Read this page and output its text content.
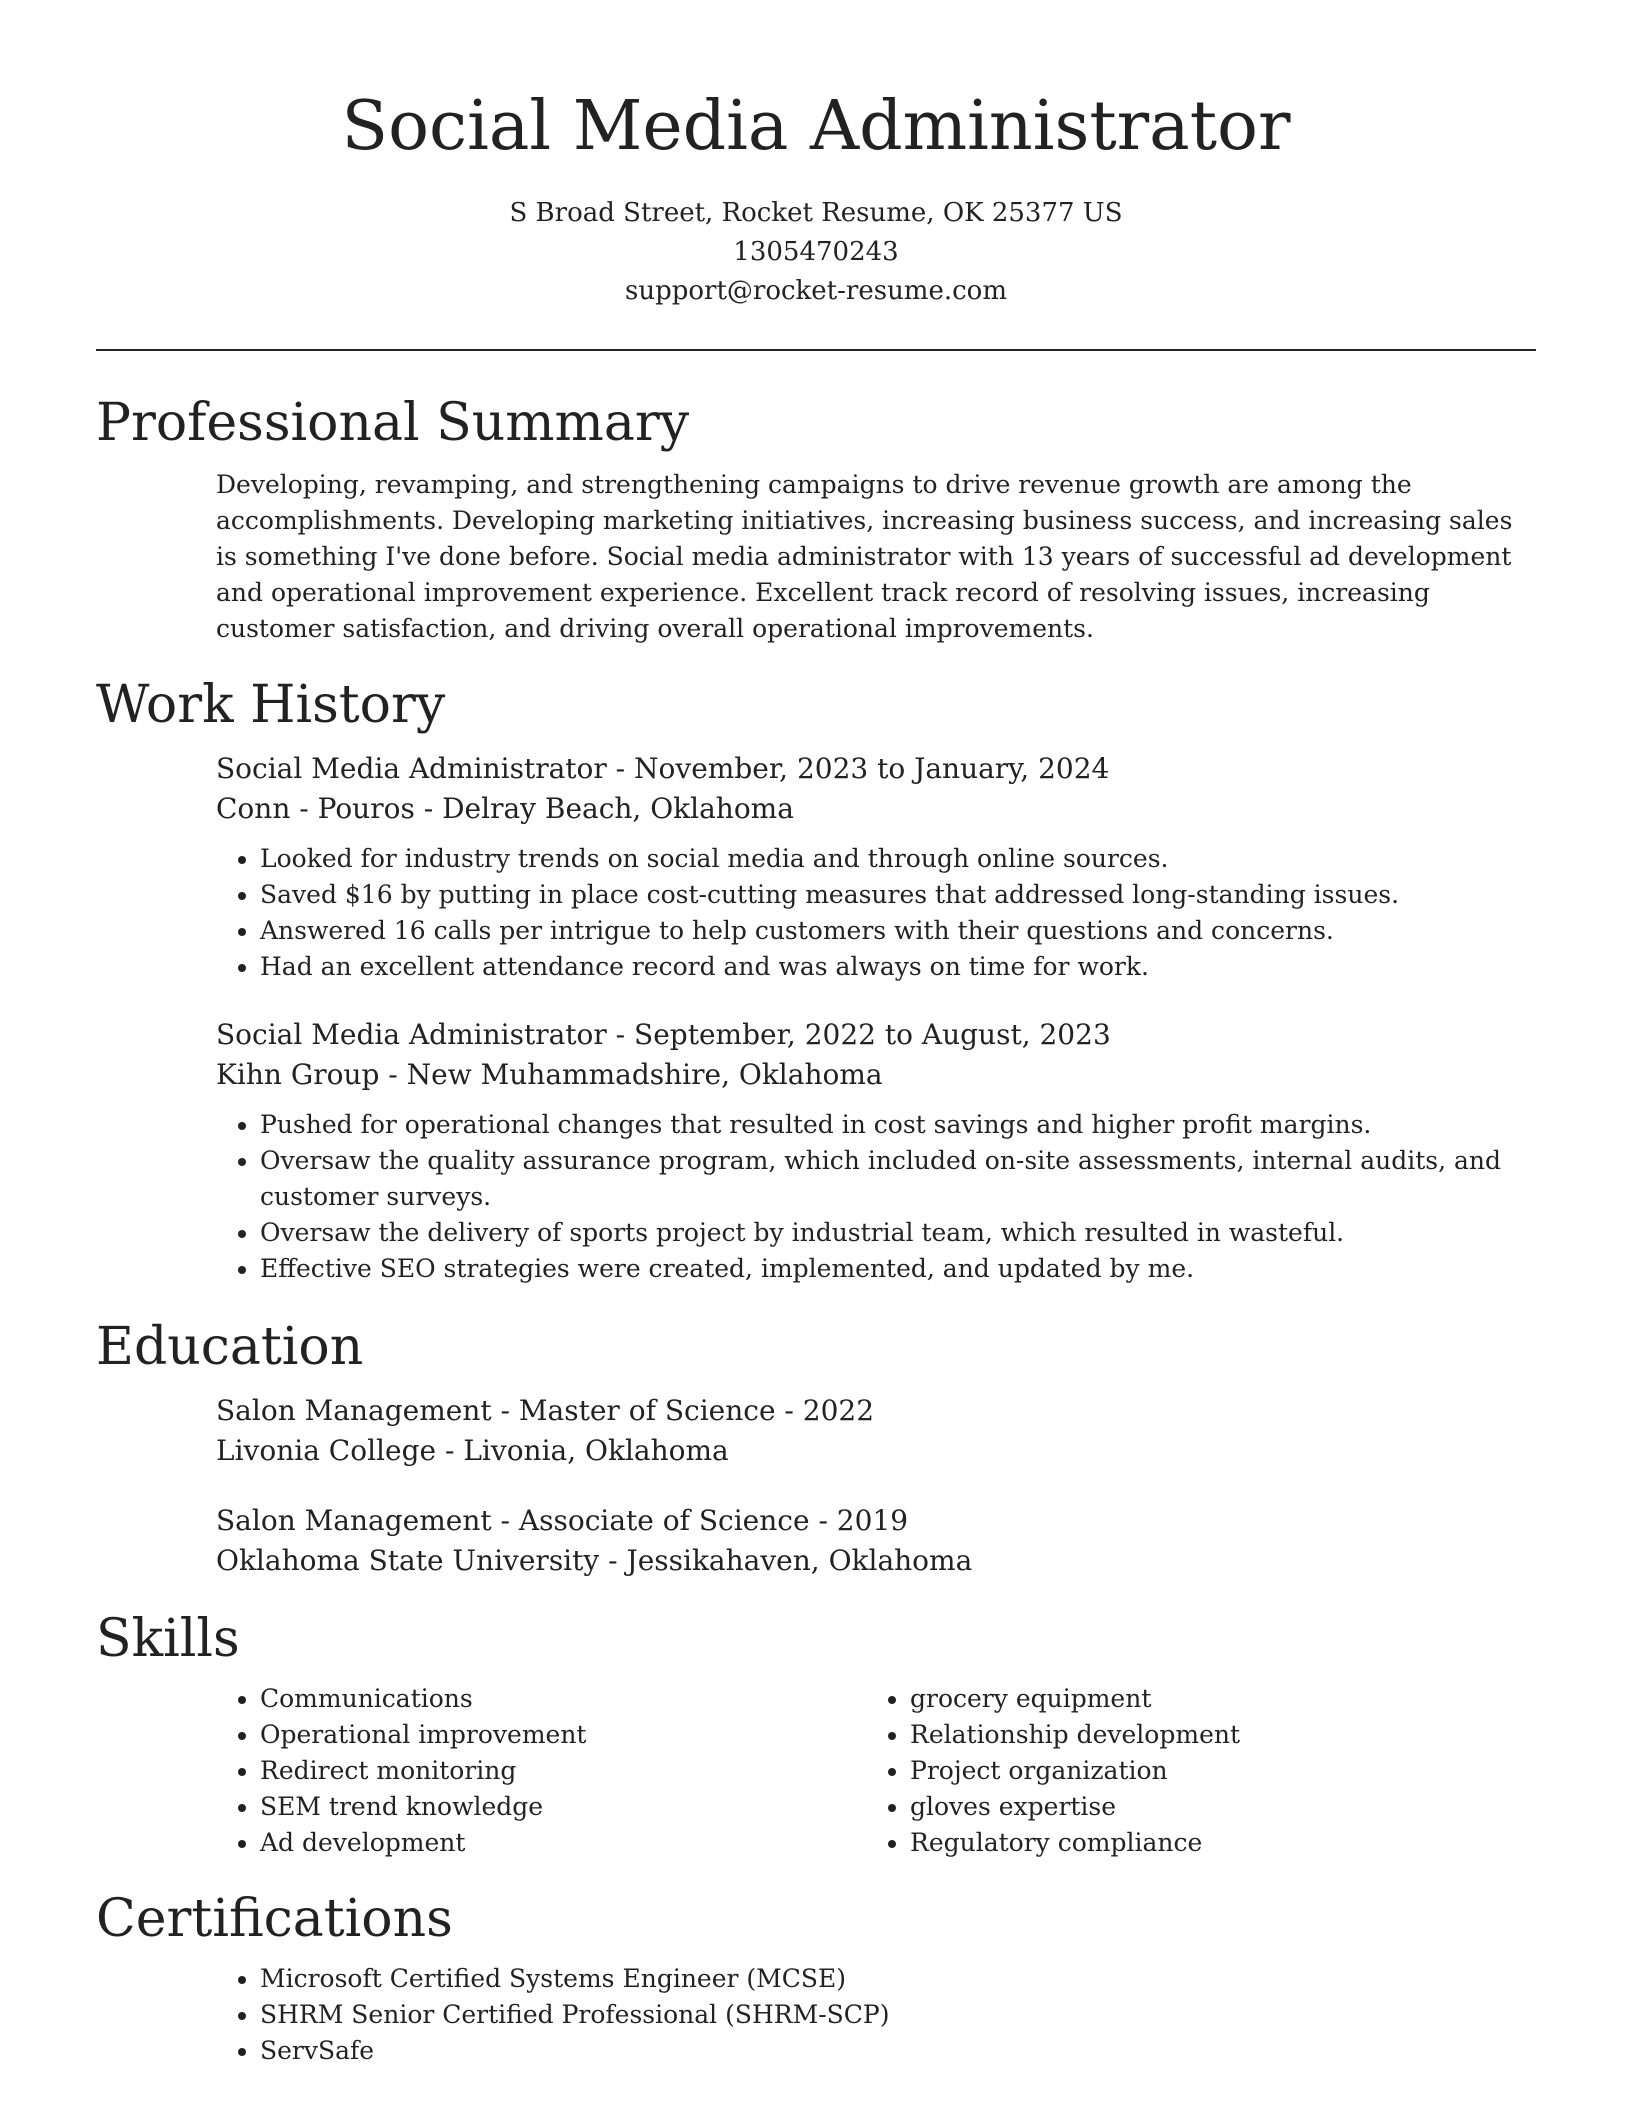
Social Media Administrator

S Broad Street, Rocket Resume, OK 25377 US

1305470243

support@rocket-resume.com

Professional Summary

Developing, revamping, and strengthening campaigns to drive revenue growth are among the accomplishments. Developing marketing initiatives, increasing business success, and increasing sales is something I've done before. Social media administrator with 13 years of successful ad development and operational improvement experience. Excellent track record of resolving issues, increasing customer satisfaction, and driving overall operational improvements.

Work History

Social Media Administrator - November, 2023 to January, 2024

Conn - Pouros - Delray Beach, Oklahoma

• Looked for industry trends on social media and through online sources.
• Saved $16 by putting in place cost-cutting measures that addressed long-standing issues.
• Answered 16 calls per intrigue to help customers with their questions and concerns.
• Had an excellent attendance record and was always on time for work.

Social Media Administrator - September, 2022 to August, 2023

Kihn Group - New Muhammadshire, Oklahoma

• Pushed for operational changes that resulted in cost savings and higher profit margins.
• Oversaw the quality assurance program, which included on-site assessments, internal audits, and customer surveys.
• Oversaw the delivery of sports project by industrial team, which resulted in wasteful.
• Effective SEO strategies were created, implemented, and updated by me.
Education

Salon Management - Master of Science - 2022

Livonia College - Livonia, Oklahoma

Salon Management - Associate of Science - 2019

Oklahoma State University - Jessikahaven, Oklahoma

Skills
• Communications
• Operational improvement
• Redirect monitoring
• SEM trend knowledge
• Ad development
• grocery equipment
• Relationship development
• Project organization
• gloves expertise
• Regulatory compliance
Certifications
• Microsoft Certified Systems Engineer (MCSE)
• SHRM Senior Certified Professional (SHRM-SCP)
• ServSafe
